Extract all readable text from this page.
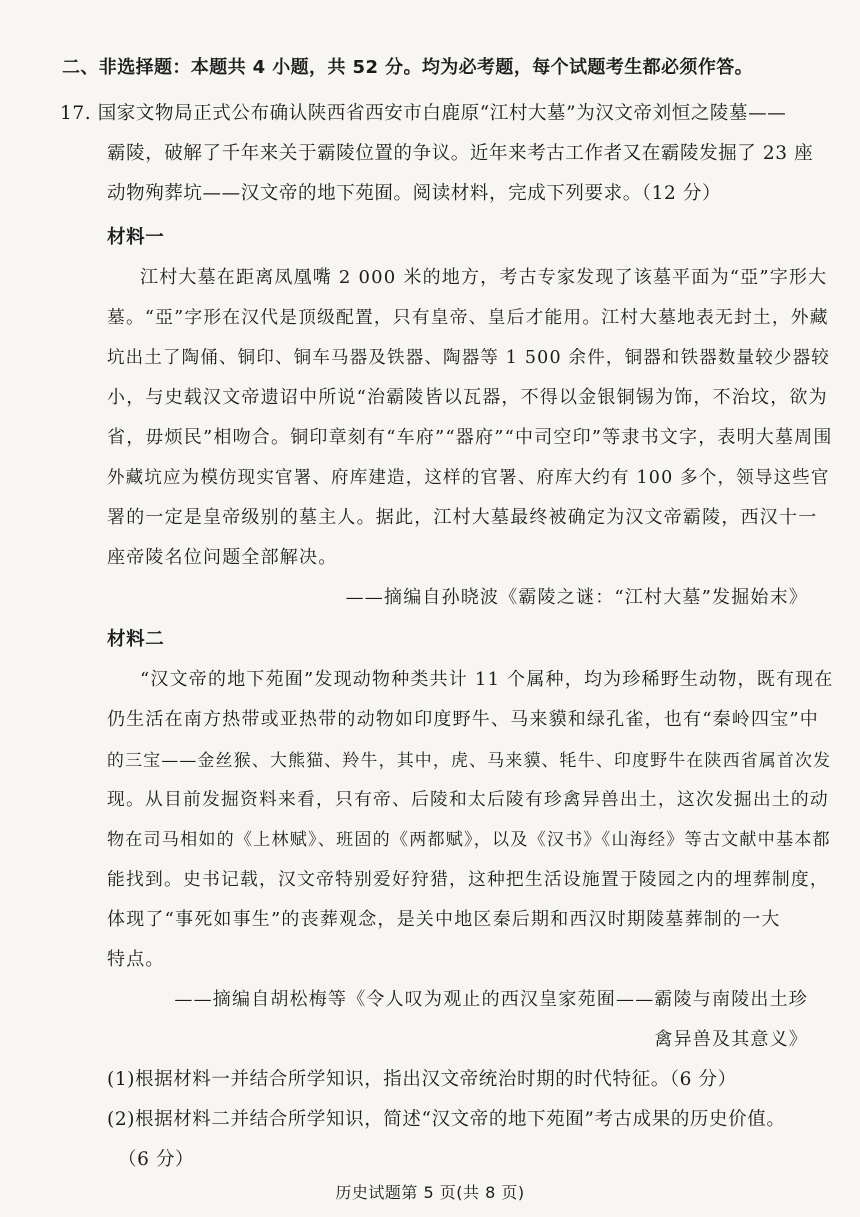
二、非选择题：本题共 4 小题，共 52 分。均为必考题，每个试题考生都必须作答。
17. 国家文物局正式公布确认陕西省西安市白鹿原“江村大墓”为汉文帝刘恒之陵墓——
霸陵，破解了千年来关于霸陵位置的争议。近年来考古工作者又在霸陵发掘了 23 座
动物殉葬坑——汉文帝的地下苑囿。阅读材料，完成下列要求。（12 分）
材料一
江村大墓在距离凤凰嘴 2 000 米的地方，考古专家发现了该墓平面为“亞”字形大
墓。“亞”字形在汉代是顶级配置，只有皇帝、皇后才能用。江村大墓地表无封土，外藏
坑出土了陶俑、铜印、铜车马器及铁器、陶器等 1 500 余件，铜器和铁器数量较少器较
小，与史载汉文帝遗诏中所说“治霸陵皆以瓦器，不得以金银铜锡为饰，不治坟，欲为
省，毋烦民”相吻合。铜印章刻有“车府”“器府”“中司空印”等隶书文字，表明大墓周围
外藏坑应为模仿现实官署、府库建造，这样的官署、府库大约有 100 多个，领导这些官
署的一定是皇帝级别的墓主人。据此，江村大墓最终被确定为汉文帝霸陵，西汉十一
座帝陵名位问题全部解决。
——摘编自孙晓波《霸陵之谜：“江村大墓”发掘始末》
材料二
“汉文帝的地下苑囿”发现动物种类共计 11 个属种，均为珍稀野生动物，既有现在
仍生活在南方热带或亚热带的动物如印度野牛、马来貘和绿孔雀，也有“秦岭四宝”中
的三宝——金丝猴、大熊猫、羚牛，其中，虎、马来貘、牦牛、印度野牛在陕西省属首次发
现。从目前发掘资料来看，只有帝、后陵和太后陵有珍禽异兽出土，这次发掘出土的动
物在司马相如的《上林赋》、班固的《两都赋》，以及《汉书》《山海经》等古文献中基本都
能找到。史书记载，汉文帝特别爱好狩猎，这种把生活设施置于陵园之内的埋葬制度，
体现了“事死如事生”的丧葬观念，是关中地区秦后期和西汉时期陵墓葬制的一大
特点。
——摘编自胡松梅等《令人叹为观止的西汉皇家苑囿——霸陵与南陵出土珍
禽异兽及其意义》
(1)根据材料一并结合所学知识，指出汉文帝统治时期的时代特征。（6 分）
(2)根据材料二并结合所学知识，简述“汉文帝的地下苑囿”考古成果的历史价值。
（6 分）
历史试题第 5 页(共 8 页)
